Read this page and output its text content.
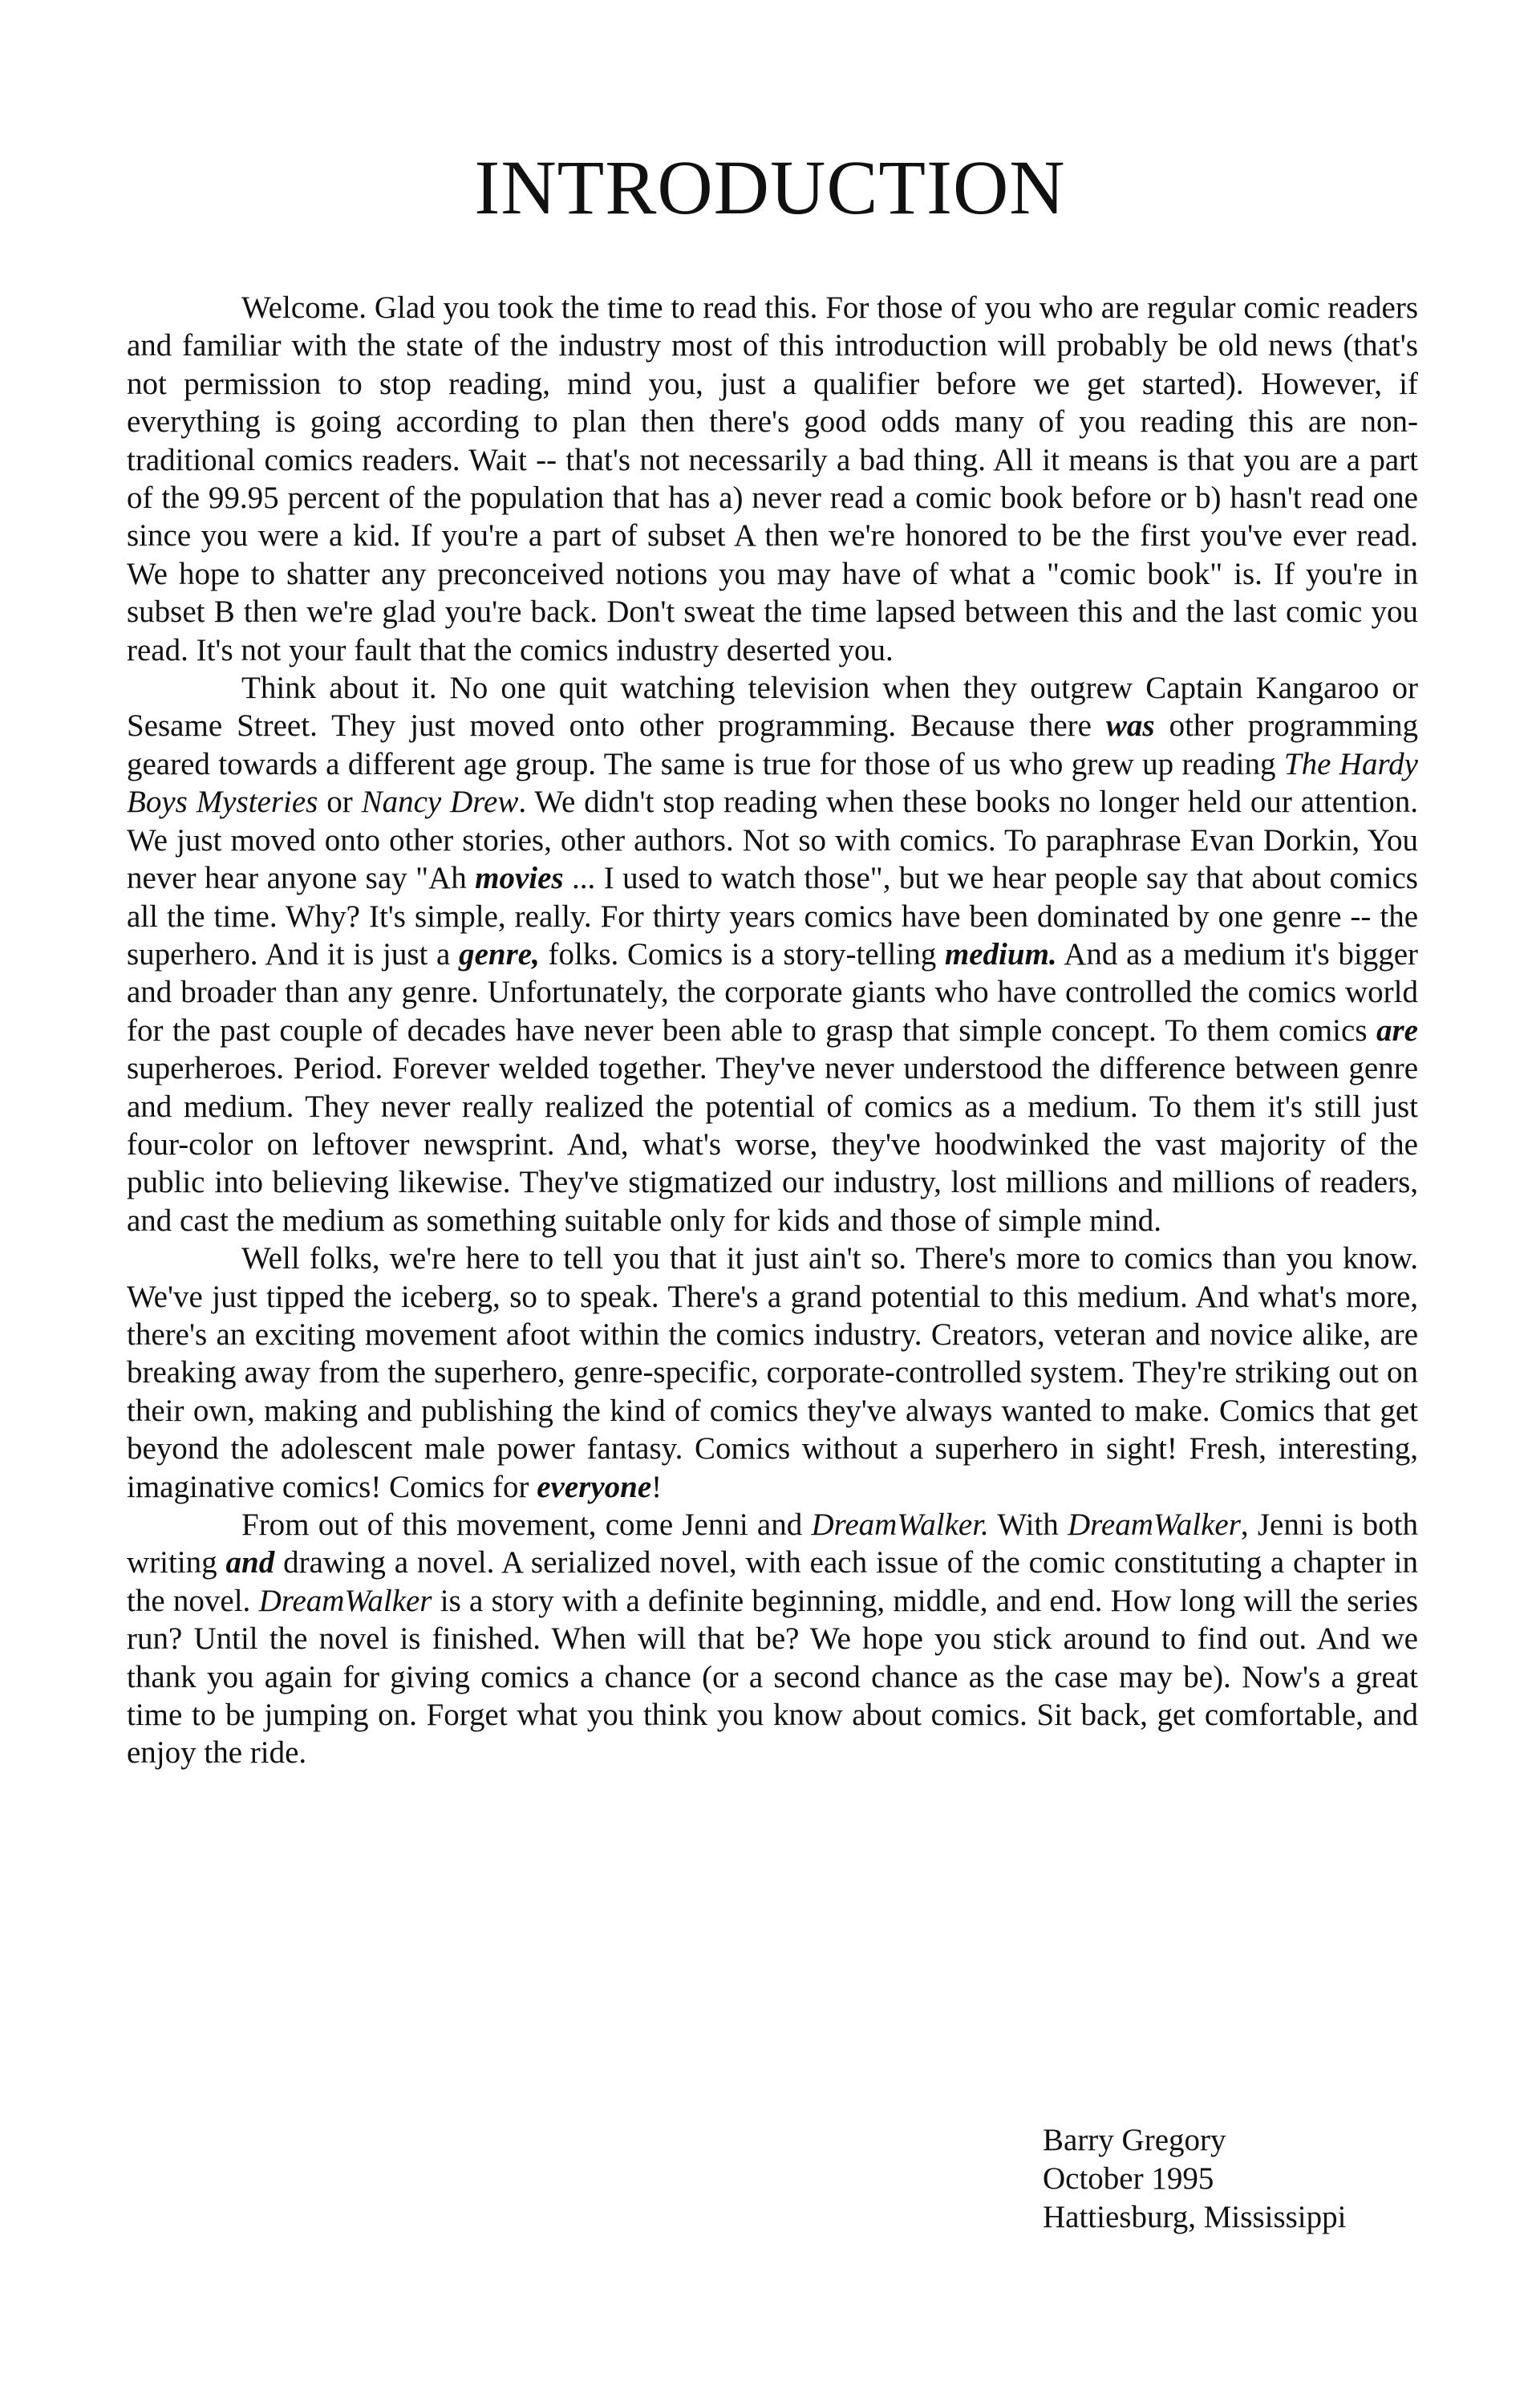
INTRODUCTION

Welcome. Glad you took the time to read this. For those of you who are regular comic readers and familiar with the state of the industry most of this introduction will probably be old news (that's not permission to stop reading, mind you, just a qualifier before we get started). However, if everything is going according to plan then there's good odds many of you reading this are non-traditional comics readers. Wait -- that's not necessarily a bad thing. All it means is that you are a part of the 99.95 percent of the population that has a) never read a comic book before or b) hasn't read one since you were a kid. If you're a part of subset A then we're honored to be the first you've ever read. We hope to shatter any preconceived notions you may have of what a "comic book" is. If you're in subset B then we're glad you're back. Don't sweat the time lapsed between this and the last comic you read. It's not your fault that the comics industry deserted you.

Think about it. No one quit watching television when they outgrew Captain Kangaroo or Sesame Street. They just moved onto other programming. Because there was other programming geared towards a different age group. The same is true for those of us who grew up reading The Hardy Boys Mysteries or Nancy Drew. We didn't stop reading when these books no longer held our attention. We just moved onto other stories, other authors. Not so with comics. To paraphrase Evan Dorkin, You never hear anyone say "Ah movies ... I used to watch those", but we hear people say that about comics all the time. Why? It's simple, really. For thirty years comics have been dominated by one genre -- the superhero. And it is just a genre, folks. Comics is a story-telling medium. And as a medium it's bigger and broader than any genre. Unfortunately, the corporate giants who have controlled the comics world for the past couple of decades have never been able to grasp that simple concept. To them comics are superheroes. Period. Forever welded together. They've never understood the difference between genre and medium. They never really realized the potential of comics as a medium. To them it's still just four-color on leftover newsprint. And, what's worse, they've hoodwinked the vast majority of the public into believing likewise. They've stigmatized our industry, lost millions and millions of readers, and cast the medium as something suitable only for kids and those of simple mind.

Well folks, we're here to tell you that it just ain't so. There's more to comics than you know. We've just tipped the iceberg, so to speak. There's a grand potential to this medium. And what's more, there's an exciting movement afoot within the comics industry. Creators, veteran and novice alike, are breaking away from the superhero, genre-specific, corporate-controlled system. They're striking out on their own, making and publishing the kind of comics they've always wanted to make. Comics that get beyond the adolescent male power fantasy. Comics without a superhero in sight! Fresh, interesting, imaginative comics! Comics for everyone!

From out of this movement, come Jenni and DreamWalker. With DreamWalker, Jenni is both writing and drawing a novel. A serialized novel, with each issue of the comic constituting a chapter in the novel. DreamWalker is a story with a definite beginning, middle, and end. How long will the series run? Until the novel is finished. When will that be? We hope you stick around to find out. And we thank you again for giving comics a chance (or a second chance as the case may be). Now's a great time to be jumping on. Forget what you think you know about comics. Sit back, get comfortable, and enjoy the ride.

Barry Gregory
October 1995
Hattiesburg, Mississippi
